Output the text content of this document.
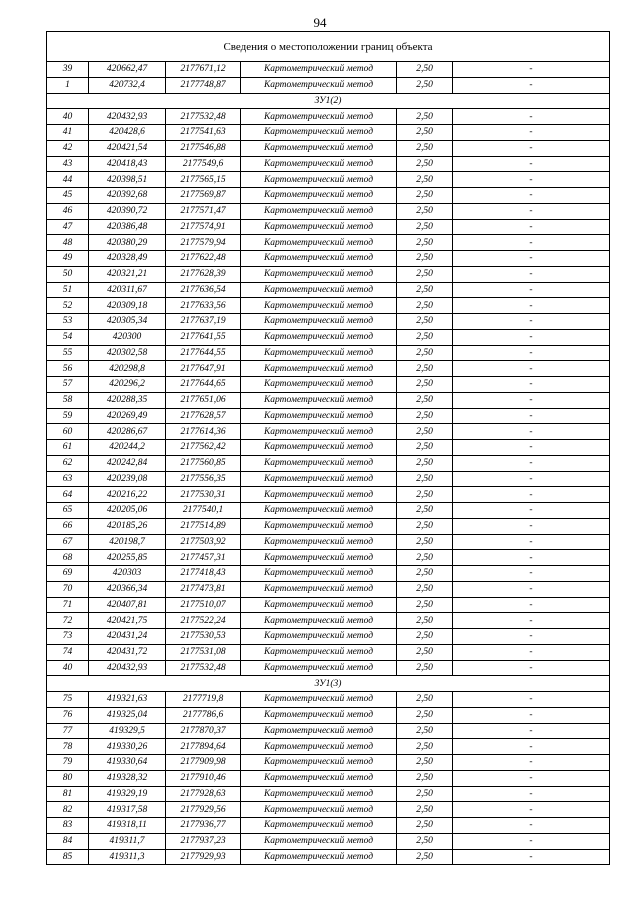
94
Сведения о местоположении границ объекта					
39	420662,47	2177671,12	Картометрический метод	2,50	-
1	420732,4	2177748,87	Картометрический метод	2,50	-
ЗУ1(2)					
40	420432,93	2177532,48	Картометрический метод	2,50	-
41	420428,6	2177541,63	Картометрический метод	2,50	-
42	420421,54	2177546,88	Картометрический метод	2,50	-
43	420418,43	2177549,6	Картометрический метод	2,50	-
44	420398,51	2177565,15	Картометрический метод	2,50	-
45	420392,68	2177569,87	Картометрический метод	2,50	-
46	420390,72	2177571,47	Картометрический метод	2,50	-
47	420386,48	2177574,91	Картометрический метод	2,50	-
48	420380,29	2177579,94	Картометрический метод	2,50	-
49	420328,49	2177622,48	Картометрический метод	2,50	-
50	420321,21	2177628,39	Картометрический метод	2,50	-
51	420311,67	2177636,54	Картометрический метод	2,50	-
52	420309,18	2177633,56	Картометрический метод	2,50	-
53	420305,34	2177637,19	Картометрический метод	2,50	-
54	420300	2177641,55	Картометрический метод	2,50	-
55	420302,58	2177644,55	Картометрический метод	2,50	-
56	420298,8	2177647,91	Картометрический метод	2,50	-
57	420296,2	2177644,65	Картометрический метод	2,50	-
58	420288,35	2177651,06	Картометрический метод	2,50	-
59	420269,49	2177628,57	Картометрический метод	2,50	-
60	420286,67	2177614,36	Картометрический метод	2,50	-
61	420244,2	2177562,42	Картометрический метод	2,50	-
62	420242,84	2177560,85	Картометрический метод	2,50	-
63	420239,08	2177556,35	Картометрический метод	2,50	-
64	420216,22	2177530,31	Картометрический метод	2,50	-
65	420205,06	2177540,1	Картометрический метод	2,50	-
66	420185,26	2177514,89	Картометрический метод	2,50	-
67	420198,7	2177503,92	Картометрический метод	2,50	-
68	420255,85	2177457,31	Картометрический метод	2,50	-
69	420303	2177418,43	Картометрический метод	2,50	-
70	420366,34	2177473,81	Картометрический метод	2,50	-
71	420407,81	2177510,07	Картометрический метод	2,50	-
72	420421,75	2177522,24	Картометрический метод	2,50	-
73	420431,24	2177530,53	Картометрический метод	2,50	-
74	420431,72	2177531,08	Картометрический метод	2,50	-
40	420432,93	2177532,48	Картометрический метод	2,50	-
ЗУ1(3)					
75	419321,63	2177719,8	Картометрический метод	2,50	-
76	419325,04	2177786,6	Картометрический метод	2,50	-
77	419329,5	2177870,37	Картометрический метод	2,50	-
78	419330,26	2177894,64	Картометрический метод	2,50	-
79	419330,64	2177909,98	Картометрический метод	2,50	-
80	419328,32	2177910,46	Картометрический метод	2,50	-
81	419329,19	2177928,63	Картометрический метод	2,50	-
82	419317,58	2177929,56	Картометрический метод	2,50	-
83	419318,11	2177936,77	Картометрический метод	2,50	-
84	419311,7	2177937,23	Картометрический метод	2,50	-
85	419311,3	2177929,93	Картометрический метод	2,50	-
